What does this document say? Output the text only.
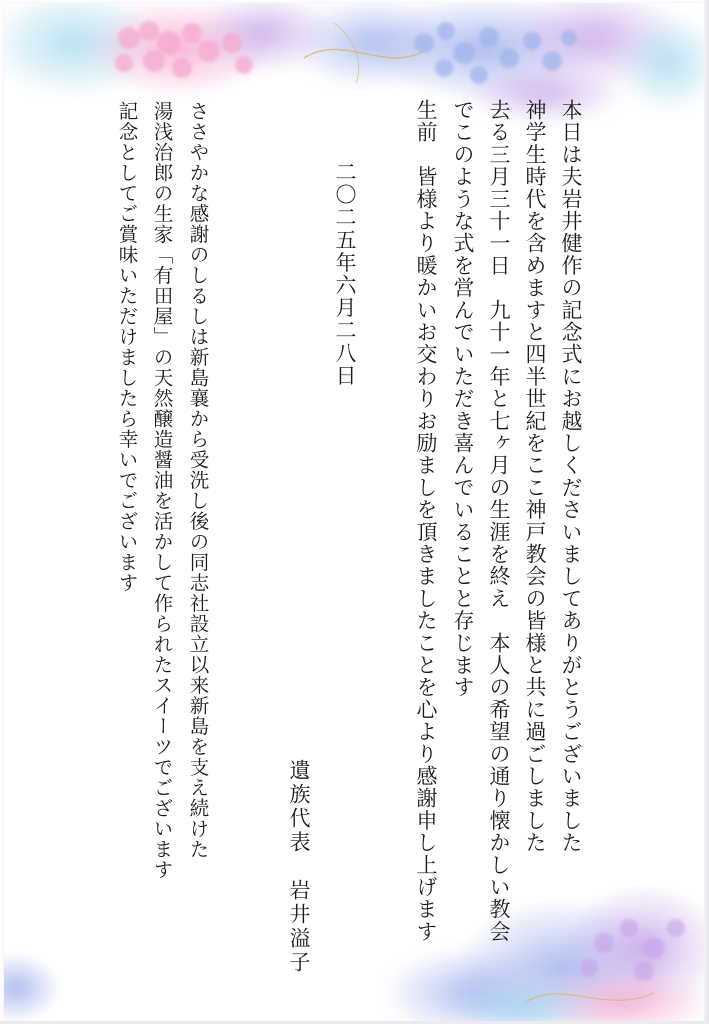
本日は夫岩井健作の記念式にお越しくださいましてありがとうございました
神学生時代を含めますと四半世紀をここ神戸教会の皆様と共に過ごしました
去る三月三十一日　九十一年と七ヶ月の生涯を終え　本人の希望の通り懐かしい教会
でこのような式を営んでいただき喜んでいることと存じます
生前　皆様より暖かいお交わりお励ましを頂きましたことを心より感謝申し上げます
二〇二五年六月二八日
遺族代表
岩井溢子
ささやかな感謝のしるしは新島襄から受洗し後の同志社設立以来新島を支え続けた
湯浅治郎の生家「有田屋」の天然醸造醤油を活かして作られたスイーツでございます
記念としてご賞味いただけましたら幸いでございます
